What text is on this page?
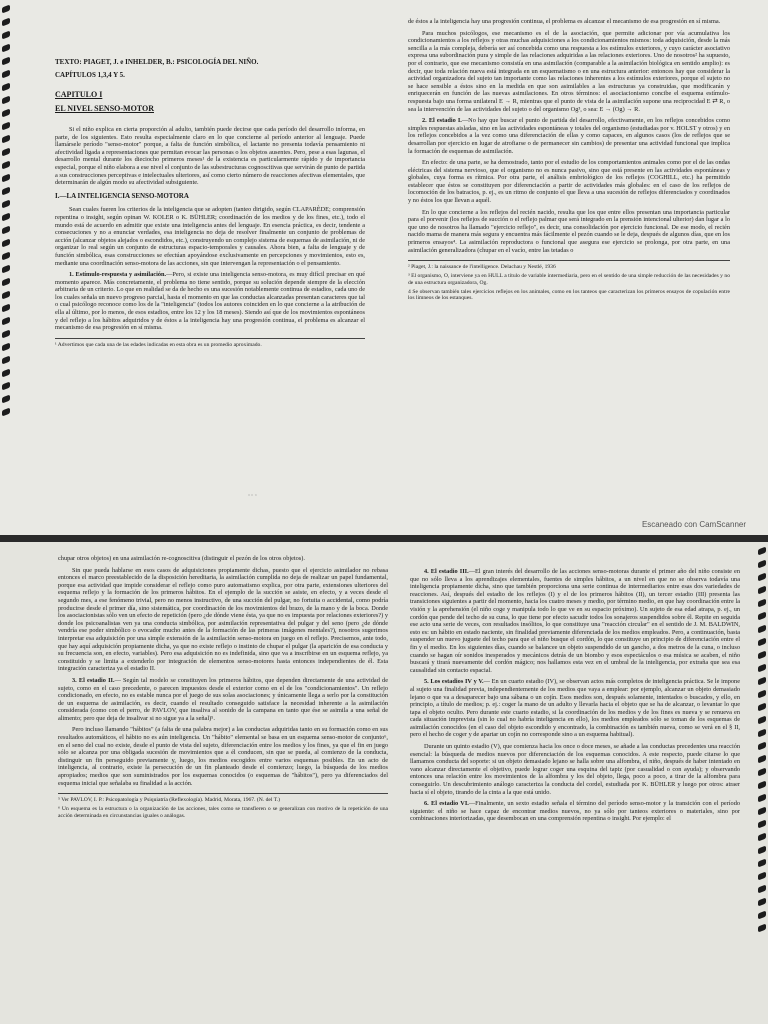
TEXTO: PIAGET, J. e INHELDER, B.: PSICOLOGÍA DEL NIÑO.

CAPÍTULOS 1,3,4 Y 5.

CAPITULO I

EL NIVEL SENSO-MOTOR

Si el niño explica en cierta proporción al adulto, también puede decirse que cada período del desarrollo informa, en parte, de los siguientes. Esto resulta especialmente claro en lo que concierne al período anterior al lenguaje. Puede llamársele período "senso-motor" porque, a falta de función simbólica, el lactante no presenta todavía pensamiento ni afectividad ligada a representaciones que permitan evocar las personas o los objetos ausentes. Pero, pese a esas lagunas, el desarrollo mental durante los dieciocho primeros meses¹ de la existencia es particularmente rápido y de importancia especial, porque el niño elabora a ese nivel el conjunto de las subestructuras cognoscitivas que servirán de punto de partida a sus construcciones perceptivas e intelectuales ulteriores, así como cierto número de reacciones afectivas elementales, que determinarán de algún modo su afectividad subsiguiente.

I.—LA INTELIGENCIA SENSO-MOTORA

Sean cuales fueren los criterios de la inteligencia que se adopten (tanteo dirigido, según CLAPARÈDE; comprensión repentina o insight, según opinan W. KOLER o K. BÜHLER; coordinación de los medios y de los fines, etc.), todo el mundo está de acuerdo en admitir que existe una inteligencia antes del lenguaje. En esencia práctica, es decir, tendente a consecuciones y no a enunciar verdades, esa inteligencia no deja de resolver finalmente un conjunto de problemas de acción (alcanzar objetos alejados o escondidos, etc.), construyendo un complejo sistema de esquemas de asimilación, ni de organizar lo real según un conjunto de estructuras espacio-temporales y causales. Ahora bien, a falta de lenguaje y de función simbólica, esas construcciones se efectúan apoyándose exclusivamente en percepciones y movimientos, esto es, mediante una coordinación senso-motora de las acciones, sin que intervengan la representación o el pensamiento.

1. Estímulo-respuesta y asimilación.—Pero, si existe una inteligencia senso-motora, es muy difícil precisar en qué momento aparece. Más concretamente, el problema no tiene sentido, porque su solución depende siempre de la elección arbitraria de un criterio. Lo que en realidad se da de hecho es una sucesión notablemente continua de estadios, cada uno de los cuales señala un nuevo progreso parcial, hasta el momento en que las conductas alcanzadas presentan caracteres que tal o cual psicólogo reconoce como los de la "inteligencia" (todos los autores coinciden en lo que concierne a la atribución de ella al último, por lo menos, de esos estadios, entre los 12 y los 18 meses). Siendo así que de los movimientos espontáneos y del reflejo a los hábitos adquiridos y de éstos a la inteligencia hay una progresión continua, el problema es alcanzar el mecanismo de esa progresión en sí misma.

¹ Advertimos que cada una de las edades indicadas en esta obra es un promedio aproximado.

de éstos a la inteligencia hay una progresión continua, el problema es alcanzar el mecanismo de esa progresión en sí misma.

Para muchos psicólogos, ese mecanismo es el de la asociación, que permite adicionar por vía acumulativa los condicionamientos a los reflejos y otras muchas adquisiciones a los condicionamientos mismos: toda adquisición, desde la más sencilla a la más compleja, debería ser así concebida como una respuesta a los estímulos exteriores, y cuyo carácter asociativo expresa una subordinación pura y simple de las relaciones adquiridas a las relaciones exteriores. Uno de nosotros² ha supuesto, por el contrario, que ese mecanismo consistía en una asimilación (comparable a la asimilación biológica en sentido amplio): es decir, que toda relación nueva está integrada en un esquematismo o en una estructura anterior: entonces hay que considerar la actividad organizadora del sujeto tan importante como las relaciones inherentes a los estímulos exteriores, porque el sujeto no se hace sensible a éstos sino en la medida en que son asimilables a las estructuras ya construidas, que modificarán y enriquecerán en función de las nuevas asimilaciones. En otros términos: el asociacionismo concibe el esquema estímulo-respuesta bajo una forma unilateral E → R, mientras que el punto de vista de la asimilación supone una reciprocidad E ⇄ R, o sea la intervención de las actividades del sujeto o del organismo Og³, o sea: E → (Og) → R.

2. El estadio I.—No hay que buscar el punto de partida del desarrollo, efectivamente, en los reflejos concebidos como simples respuestas aisladas, sino en las actividades espontáneas y totales del organismo (estudiadas por v. HOLST y otros) y en los reflejos concebidos a la vez como una diferenciación de ellas y como capaces, en algunos casos (los de reflejos que se desarrollan por ejercicio en lugar de atrofiarse o de permanecer sin cambios) de presentar una actividad funcional que implica la formación de esquemas de asimilación.

En efecto: de una parte, se ha demostrado, tanto por el estudio de los comportamientos animales como por el de las ondas eléctricas del sistema nervioso, que el organismo no es nunca pasivo, sino que está presente en las actividades espontáneas y globales, cuya forma es rítmica. Por otra parte, el análisis embriológico de los reflejos (COGHILL, etc.) ha permitido establecer que éstos se constituyen por diferenciación a partir de actividades más globales: en el caso de los reflejos de locomoción de los batracios, p. ej., es un ritmo de conjunto el que lleva a una sucesión de reflejos diferenciados y coordinados y no éstos los que llevan a aquél.

En lo que concierne a los reflejos del recién nacido, resulta que los que entre ellos presentan una importancia particular para el porvenir (los reflejos de succión o el reflejo palmar que será integrado en la prensión intencional ulterior) dan lugar a lo que uno de nosotros ha llamado "ejercicio reflejo", es decir, una consolidación por ejercicio funcional. De ese modo, el recién nacido mama de manera más segura y encuentra más fácilmente el pezón cuando se le deja, después de algunos días, que en los primeros ensayos⁴. La asimilación reproductora o funcional que asegura ese ejercicio se prolonga, por otra parte, en una asimilación generalizadora (chupar en el vacío, entre las tetadas o

² Piaget, J.: la naissance de l'intelligence. Delachau y Nestlé, 1936

³ El organismo, O, interviene ya en HULL a título de variable intermediaria, pero en el sentido de una simple reducción de las necesidades y no de una estructura organizadora, Og.

4 Se observan también tales ejercicios reflejos en los animales, como en los tanteos que caracterizan los primeros ensayos de copulación entre los limneos de los estanques.

" " "
Escaneado con CamScanner

chupar otros objetos) en una asimilación re-cognoscitiva (distinguir el pezón de los otros objetos).

Sin que pueda hablarse en esos casos de adquisiciones propiamente dichas, puesto que el ejercicio asimilador no rebasa entonces el marco preestablecido de la disposición hereditaria, la asimilación cumplida no deja de realizar un papel fundamental, porque esa actividad que impide considerar el reflejo como puro automatismo explica, por otra parte, extensiones ulteriores del esquema reflejo y la formación de los primeros hábitos. En el ejemplo de la succión se asiste, en efecto, y a veces desde el segundo mes, a ese fenómeno trivial, pero no menos instructivo, de una succión del pulgar, no fortuita o accidental, como podría producirse desde el primer día, sino sistemática, por coordinación de los movimientos del brazo, de la mano y de la boca. Donde los asociacionistas sólo ven un efecto de repetición (pero ¿de dónde viene ésta, ya que no es impuesta por relaciones exteriores?) y donde los psicoanalistas ven ya una conducta simbólica, por asimilación representativa del pulgar y del seno (pero ¿de dónde vendría ese poder simbólico o evocador mucho antes de la formación de las primeras imágenes mentales?), nosotros sugerimos interpretar esa adquisición por una simple extensión de la asimilación senso-motora en juego en el reflejo. Precisemos, ante todo, que hay aquí adquisición propiamente dicha, ya que no existe reflejo o instinto de chupar el pulgar (la aparición de esa conducta y su frecuencia son, en efecto, variables). Pero esa adquisición no es indefinida, sino que va a inscribirse en un esquema reflejo, ya constituido y se limita a extenderlo por integración de elementos senso-motores hasta entonces independientes de él. Esta integración caracteriza ya el estadio II.

3. El estadio II.— Según tal modelo se constituyen los primeros hábitos, que dependen directamente de una actividad de sujeto, como en el caso precedente, o parecen impuestos desde el exterior como en el de los "condicionamientos". Un reflejo condicionado, en efecto, no es estable nunca por el juego de sus solas asociaciones; y únicamente llega a serlo por la constitución de un esquema de asimilación, es decir, cuando el resultado conseguido satisface la necesidad inherente a la asimilación considerada (como con el perro, de PAVLOV, que insaliva al sonido de la campana en tanto que ése se asimila a una señal de alimento; pero que deja de insalivar si no sigue ya a la señal)⁵.

Pero incluso llamando "hábitos" (a falta de una palabra mejor) a las conductas adquiridas tanto en su formación como en sus resultados automáticos, el hábito no es aún inteligencia. Un "hábito" elemental se basa en un esquema senso-motor de conjunto⁶, en el seno del cual no existe, desde el punto de vista del sujeto, diferenciación entre los medios y los fines, ya que el fin en juego sólo se alcanza por una obligada sucesión de movimientos que a él conducen, sin que se pueda, al comienzo de la conducta, distinguir un fin perseguido previamente y, luego, los medios escogidos entre varios esquemas posibles. En un acto de inteligencia, al contrario, existe la persecución de un fin planteado desde el comienzo; luego, la búsqueda de los medios apropiados; medios que son suministrados por los esquemas conocidos (o esquemas de "hábitos"), pero ya diferenciados del esquema inicial que señalaba su finalidad a la acción.

⁵ Ver PAVLOV, I. P.: Psicopatología y Psiquiatría (Reflexología). Madrid, Morata, 1967. (N. del T.)

⁶ Un esquema es la estructura o la organización de las acciones, tales como se transfieren o se generalizan con motivo de la repetición de una acción determinada en circunstancias iguales o análogas.

4. El estadio III.—El gran interés del desarrollo de las acciones senso-motoras durante el primer año del niño consiste en que no sólo lleva a los aprendizajes elementales, fuentes de simples hábitos, a un nivel en que no se observa todavía una inteligencia propiamente dicha, sino que también proporciona una serie continua de intermediarios entre esas dos variedades de reacciones. Así, después del estadio de los reflejos (I) y el de los primeros hábitos (II), un tercer estadio (III) presenta las transiciones siguientes a partir del momento, hacia los cuatro meses y medio, por término medio, en que hay coordinación entre la visión y la aprehensión (el niño coge y manipula todo lo que ve en su espacio próximo). Un sujeto de esa edad atrapa, p. ej., un cordón que pende del techo de su cuna, lo que tiene por efecto sacudir todos los sonajeros suspendidos sobre él. Repite en seguida ese acto una serie de veces, con resultados insólitos, lo que constituye una "reacción circular" en el sentido de J. M. BALDWIN, esto es: un hábito en estado naciente, sin finalidad previamente diferenciada de los medios empleados. Pero, a continuación, basta suspender un nuevo juguete del techo para que el niño busque el cordón, lo que constituye un principio de diferenciación entre el fin y el medio. En los siguientes días, cuando se balancee un objeto suspendido de un gancho, a dos metros de la cuna, o incluso cuando se hagan oír sonidos inesperados y mecánicos detrás de un biombo y esos espectáculos o esa música se acaben, el niño buscará y tirará nuevamente del cordón mágico; nos hallamos esta vez en el umbral de la inteligencia, por extraña que sea esa causalidad sin contacto espacial.

5. Los estadios IV y V.— En un cuarto estadio (IV), se observan actos más completos de inteligencia práctica. Se le impone al sujeto una finalidad previa, independientemente de los medios que vaya a emplear: por ejemplo, alcanzar un objeto demasiado lejano o que va a desaparecer bajo una sábana o un cojín. Esos medios son, después solamente, intentados o buscados, y ello, en principio, a título de medios; p. ej.: coger la mano de un adulto y llevarla hacia el objeto que se ha de alcanzar, o levantar lo que tapa el objeto oculto. Pero durante este cuarto estadio, si la coordinación de los medios y de los fines es nueva y se renueva en cada situación imprevista (sin lo cual no habría inteligencia en ello), los medios empleados sólo se toman de los esquemas de asimilación conocidos (en el caso del objeto escondido y encontrado, la combinación es también nueva, como se verá en el § II, pero el hecho de coger y de apartar un cojín no corresponde sino a un esquema habitual).

Durante un quinto estadio (V), que comienza hacia los once o doce meses, se añade a las conductas precedentes una reacción esencial: la búsqueda de medios nuevos por diferenciación de los esquemas conocidos. A este respecto, puede citarse lo que llamamos conducta del soporte: si un objeto demasiado lejano se halla sobre una alfombra, el niño, después de haber intentado en vano alcanzar directamente el objetivo, puede lograr coger una esquina del tapiz (por casualidad o con ayuda); y observando entonces una relación entre los movimientos de la alfombra y los del objeto, llega, poco a poco, a tirar de la alfombra para conseguirlo. Un descubrimiento análogo caracteriza la conducta del cordel, estudiada por K. BÜHLER y luego por otros: atraer hacia sí el objeto, tirando de la cinta a la que está unido.

6. El estadio VI.—Finalmente, un sexto estadio señala el término del período senso-motor y la transición con el período siguiente: el niño se hace capaz de encontrar medios nuevos, no ya sólo por tanteos exteriores o materiales, sino por combinaciones interiorizadas, que desembocan en una comprensión repentina o insight. Por ejemplo: el
